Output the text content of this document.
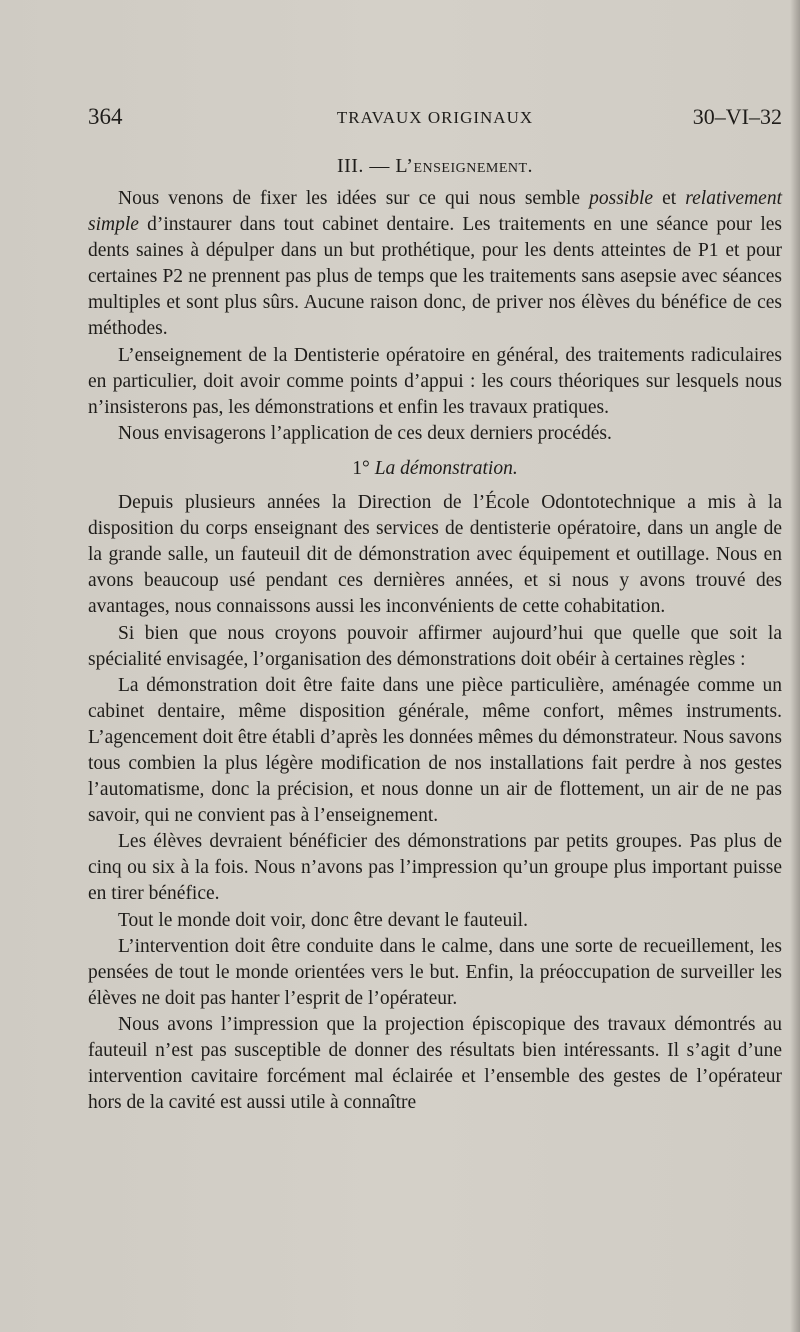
364	TRAVAUX ORIGINAUX	30–VI–32
III. — L’enseignement.

Nous venons de fixer les idées sur ce qui nous semble possible et relativement simple d’instaurer dans tout cabinet dentaire. Les traitements en une séance pour les dents saines à dépulper dans un but prothétique, pour les dents atteintes de P1 et pour certaines P2 ne prennent pas plus de temps que les traitements sans asepsie avec séances multiples et sont plus sûrs. Aucune raison donc, de priver nos élèves du bénéfice de ces méthodes.

L’enseignement de la Dentisterie opératoire en général, des traitements radiculaires en particulier, doit avoir comme points d’appui : les cours théoriques sur lesquels nous n’insisterons pas, les démonstrations et enfin les travaux pratiques.

Nous envisagerons l’application de ces deux derniers procédés.

1° La démonstration.

Depuis plusieurs années la Direction de l’École Odontotechnique a mis à la disposition du corps enseignant des services de dentisterie opératoire, dans un angle de la grande salle, un fauteuil dit de démonstration avec équipement et outillage. Nous en avons beaucoup usé pendant ces dernières années, et si nous y avons trouvé des avantages, nous connaissons aussi les inconvénients de cette cohabitation.

Si bien que nous croyons pouvoir affirmer aujourd’hui que quelle que soit la spécialité envisagée, l’organisation des démonstrations doit obéir à certaines règles :

La démonstration doit être faite dans une pièce particulière, aménagée comme un cabinet dentaire, même disposition générale, même confort, mêmes instruments. L’agencement doit être établi d’après les données mêmes du démonstrateur. Nous savons tous combien la plus légère modification de nos installations fait perdre à nos gestes l’automatisme, donc la précision, et nous donne un air de flottement, un air de ne pas savoir, qui ne convient pas à l’enseignement.

Les élèves devraient bénéficier des démonstrations par petits groupes. Pas plus de cinq ou six à la fois. Nous n’avons pas l’impression qu’un groupe plus important puisse en tirer bénéfice.

Tout le monde doit voir, donc être devant le fauteuil.

L’intervention doit être conduite dans le calme, dans une sorte de recueillement, les pensées de tout le monde orientées vers le but. Enfin, la préoccupation de surveiller les élèves ne doit pas hanter l’esprit de l’opérateur.

Nous avons l’impression que la projection épiscopique des travaux démontrés au fauteuil n’est pas susceptible de donner des résultats bien intéressants. Il s’agit d’une intervention cavitaire forcément mal éclairée et l’ensemble des gestes de l’opérateur hors de la cavité est aussi utile à connaître
